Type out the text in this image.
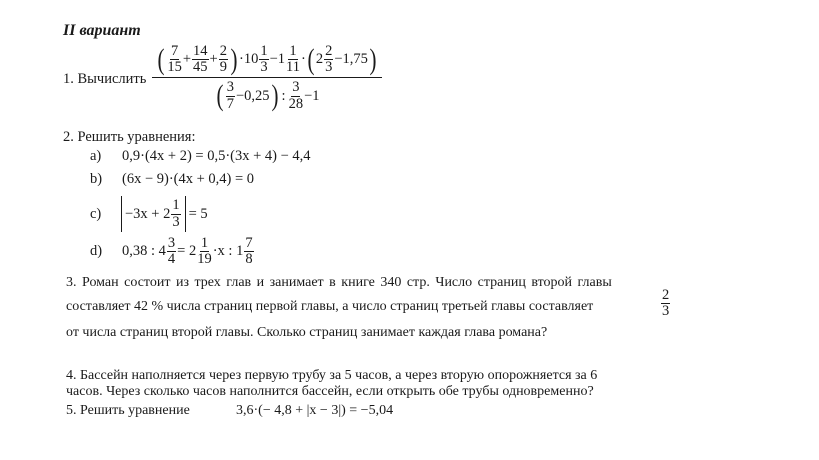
II вариант
1. Вычислить
( $\frac{7}{15} + \frac{14}{45} + \frac{2}{9}$ ) $\cdot 10 \frac{1}{3} -1 \frac{1}{11}$ · ( $2 \frac{2}{3} -1,75$ )
( $\frac{3}{7} -0,25$ ) : $\frac{3}{28} -1$
2. Решить уравнения:
a) 0,9·(4x + 2) = 0,5·(3x + 4) − 4,4
b) (6x − 9)·(4x + 0,4) = 0
c)	$-3x + 2 \frac{1}{3} = 5$
d)	0,38 : $4 \frac{3}{4} = 2 \frac{1}{19} \cdot x$ : $1 \frac{7}{8}$
3. Роман состоит из трех глав и занимает в книге 340 стр. Число страниц второй главы
составляет 42 % числа страниц первой главы, а число страниц третьей главы составляет	$\frac{2}{3}$
от числа страниц второй главы. Сколько страниц занимает каждая глава романа?
4. Бассейн наполняется через первую трубу за 5 часов, а через вторую опорожняется за 6
часов. Через сколько часов наполнится бассейн, если открыть обе трубы одновременно?
5. Решить уравнение	3,6·(− 4,8 + |x − 3|) = −5,04
